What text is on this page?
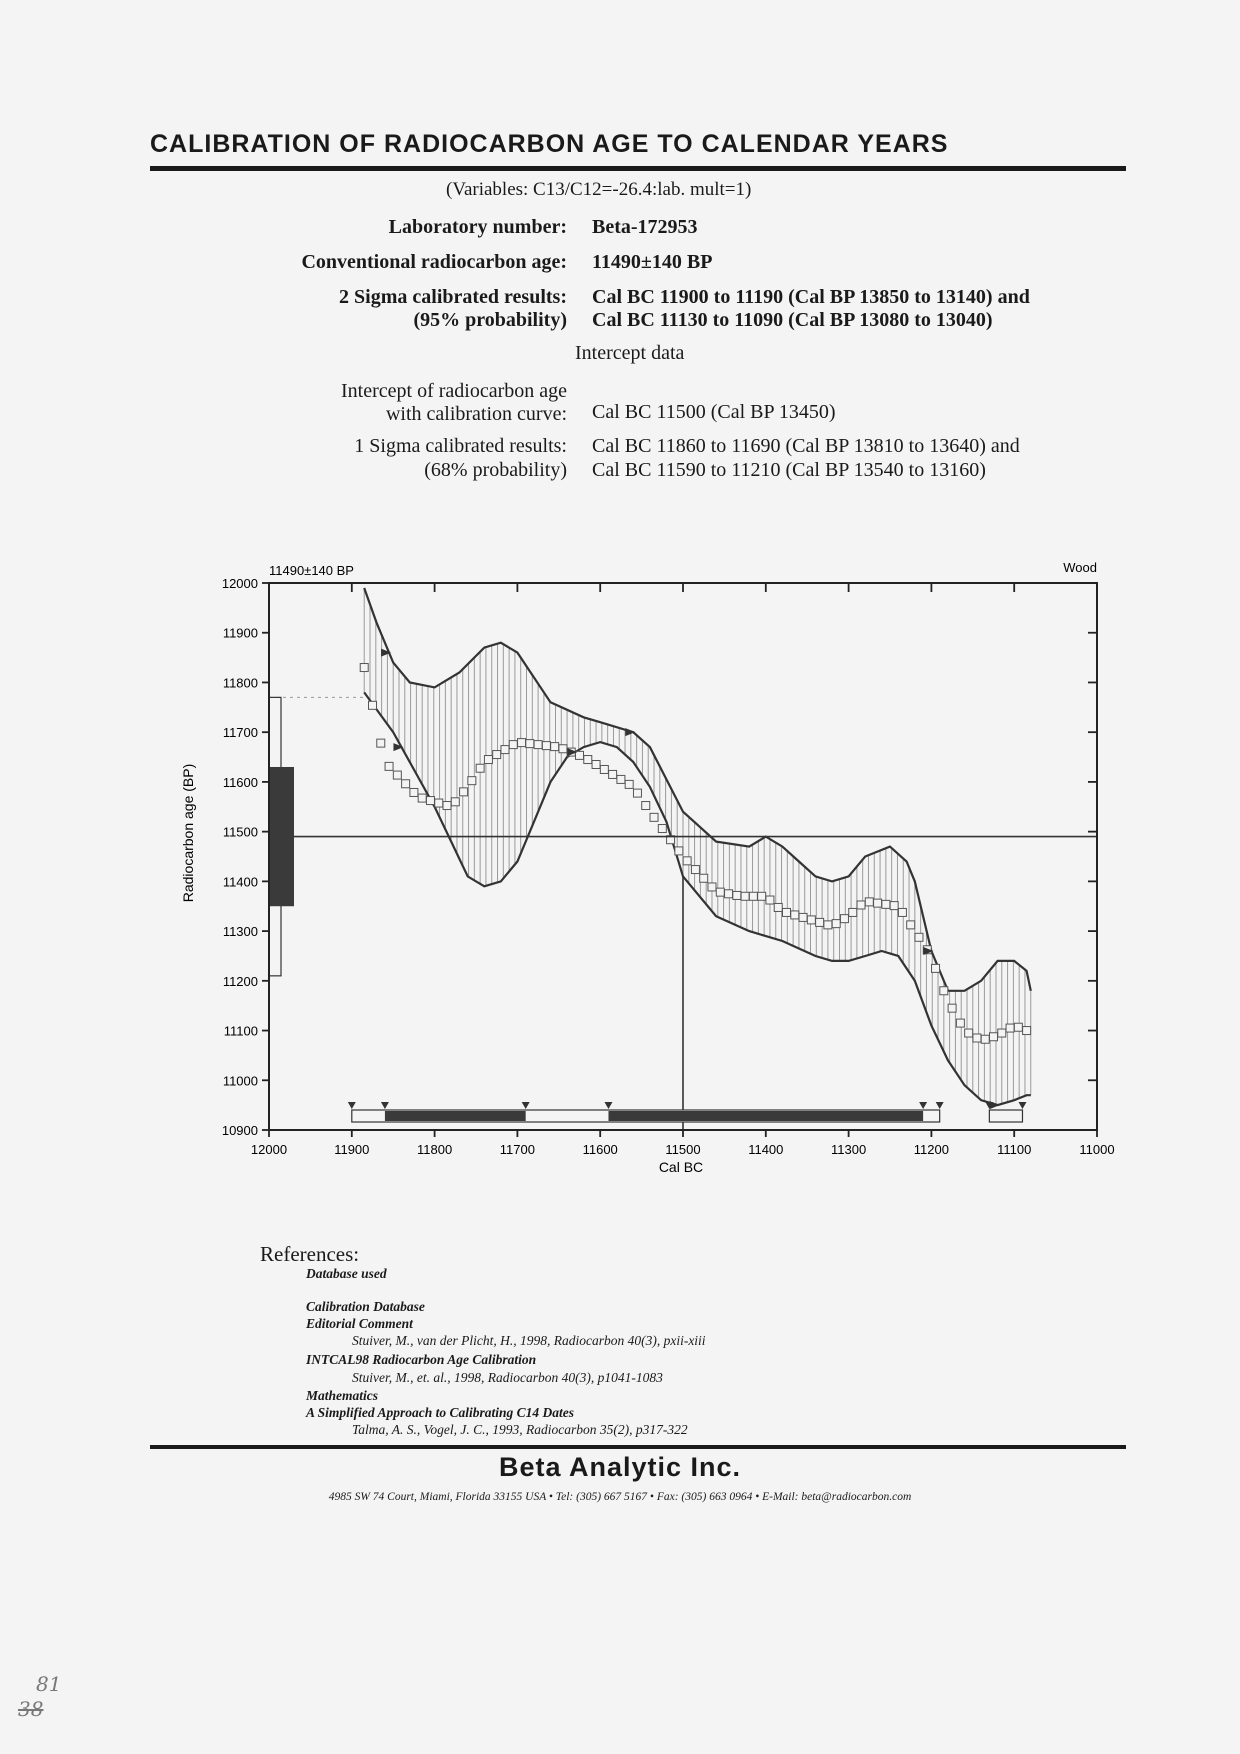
CALIBRATION OF RADIOCARBON AGE TO CALENDAR YEARS
(Variables: C13/C12=-26.4:lab. mult=1)
Laboratory number: Beta-172953
Conventional radiocarbon age: 11490±140 BP
2 Sigma calibrated results:
(95% probability)
Cal BC 11900 to 11190 (Cal BP 13850 to 13140) and
Cal BC 11130 to 11090 (Cal BP 13080 to 13040)
Intercept data
Intercept of radiocarbon age
with calibration curve: Cal BC 11500 (Cal BP 13450)
1 Sigma calibrated results:
(68% probability)
Cal BC 11860 to 11690 (Cal BP 13810 to 13640) and
Cal BC 11590 to 11210 (Cal BP 13540 to 13160)
11490±140 BP	Wood
Cal BC
Radiocarbon age (BP)
12000
11900
11800
11700
11600
11500
11400
11300
11200
11100
11000
10900
12000	11900	11800	11700	11600	11500	11400	11300	11200	11100	11000
References:
Database used
Calibration Database
Editorial Comment
Stuiver, M., van der Plicht, H., 1998, Radiocarbon 40(3), pxii-xiii
INTCAL98 Radiocarbon Age Calibration
Stuiver, M., et. al., 1998, Radiocarbon 40(3), p1041-1083
Mathematics
A Simplified Approach to Calibrating C14 Dates
Talma, A. S., Vogel, J. C., 1993, Radiocarbon 35(2), p317-322
Beta Analytic Inc.
4985 SW 74 Court, Miami, Florida 33155 USA • Tel: (305) 667 5167 • Fax: (305) 663 0964 • E-Mail: beta@radiocarbon.com
81
38
